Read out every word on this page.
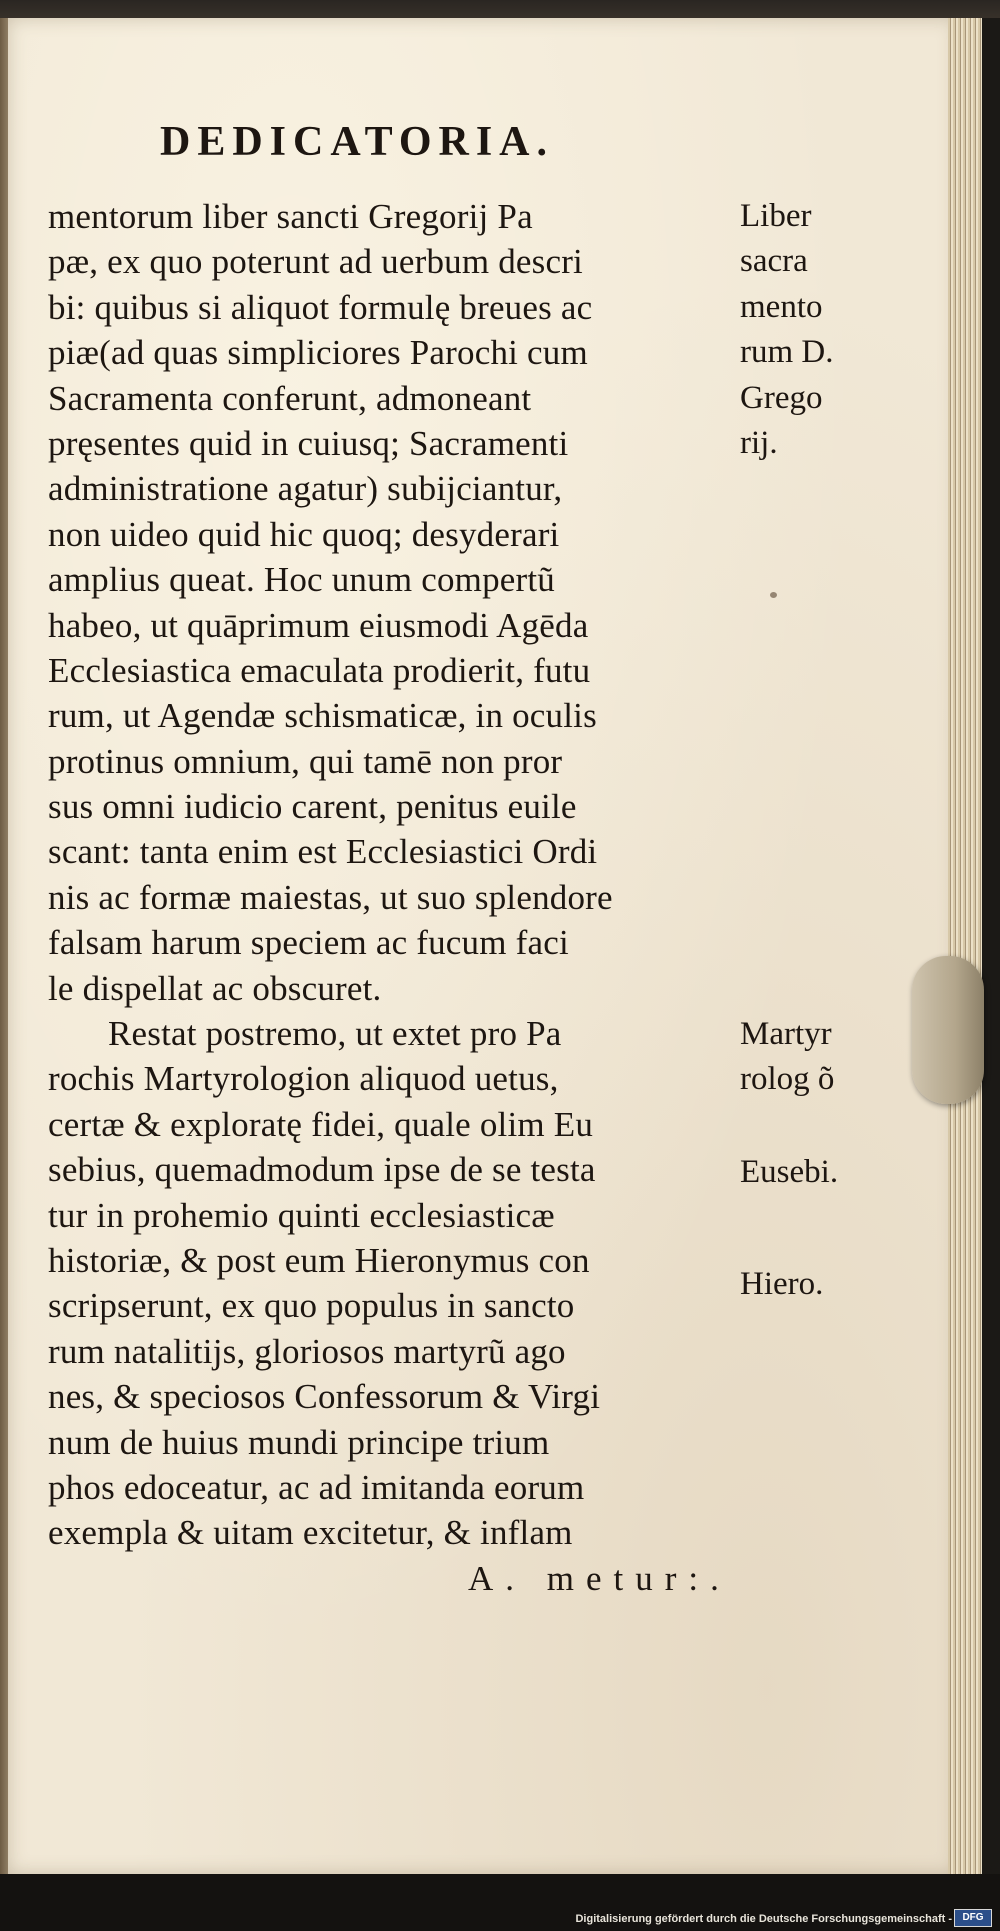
DEDICATORIA.
mentorum liber sancti Gregorij Pa
pæ, ex quo poterunt ad uerbum descri
bi: quibus si aliquot formulę breues ac
piæ(ad quas simpliciores Parochi cum
Sacramenta conferunt, admoneant
pręsentes quid in cuiusq; Sacramenti
administratione agatur) subijciantur,
non uideo quid hic quoq; desyderari
amplius queat. Hoc unum compertũ
habeo, ut quāprimum eiusmodi Agēda
Ecclesiastica emaculata prodierit, futu
rum, ut Agendæ schismaticæ, in oculis
protinus omnium, qui tamē non pror
sus omni iudicio carent, penitus euile
scant: tanta enim est Ecclesiastici Ordi
nis ac formæ maiestas, ut suo splendore
falsam harum speciem ac fucum faci
le dispellat ac obscuret.
Restat postremo, ut extet pro Pa
rochis Martyrologion aliquod uetus,
certæ & exploratę fidei, quale olim Eu
sebius, quemadmodum ipse de se testa
tur in prohemio quinti ecclesiasticæ
historiæ, & post eum Hieronymus con
scripserunt, ex quo populus in sancto
rum natalitijs, gloriosos martyrũ ago
nes, & speciosos Confessorum & Virgi
num de huius mundi principe trium
phos edoceatur, ac ad imitanda eorum
exempla & uitam excitetur, & inflam
A. metur:.
Liber
sacra
mento
rum D.
Grego
rij.
Martyr
rolog õ
Eusebi.
Hiero.
Digitalisierung gefördert durch die Deutsche Forschungsgemeinschaft -	DFG
